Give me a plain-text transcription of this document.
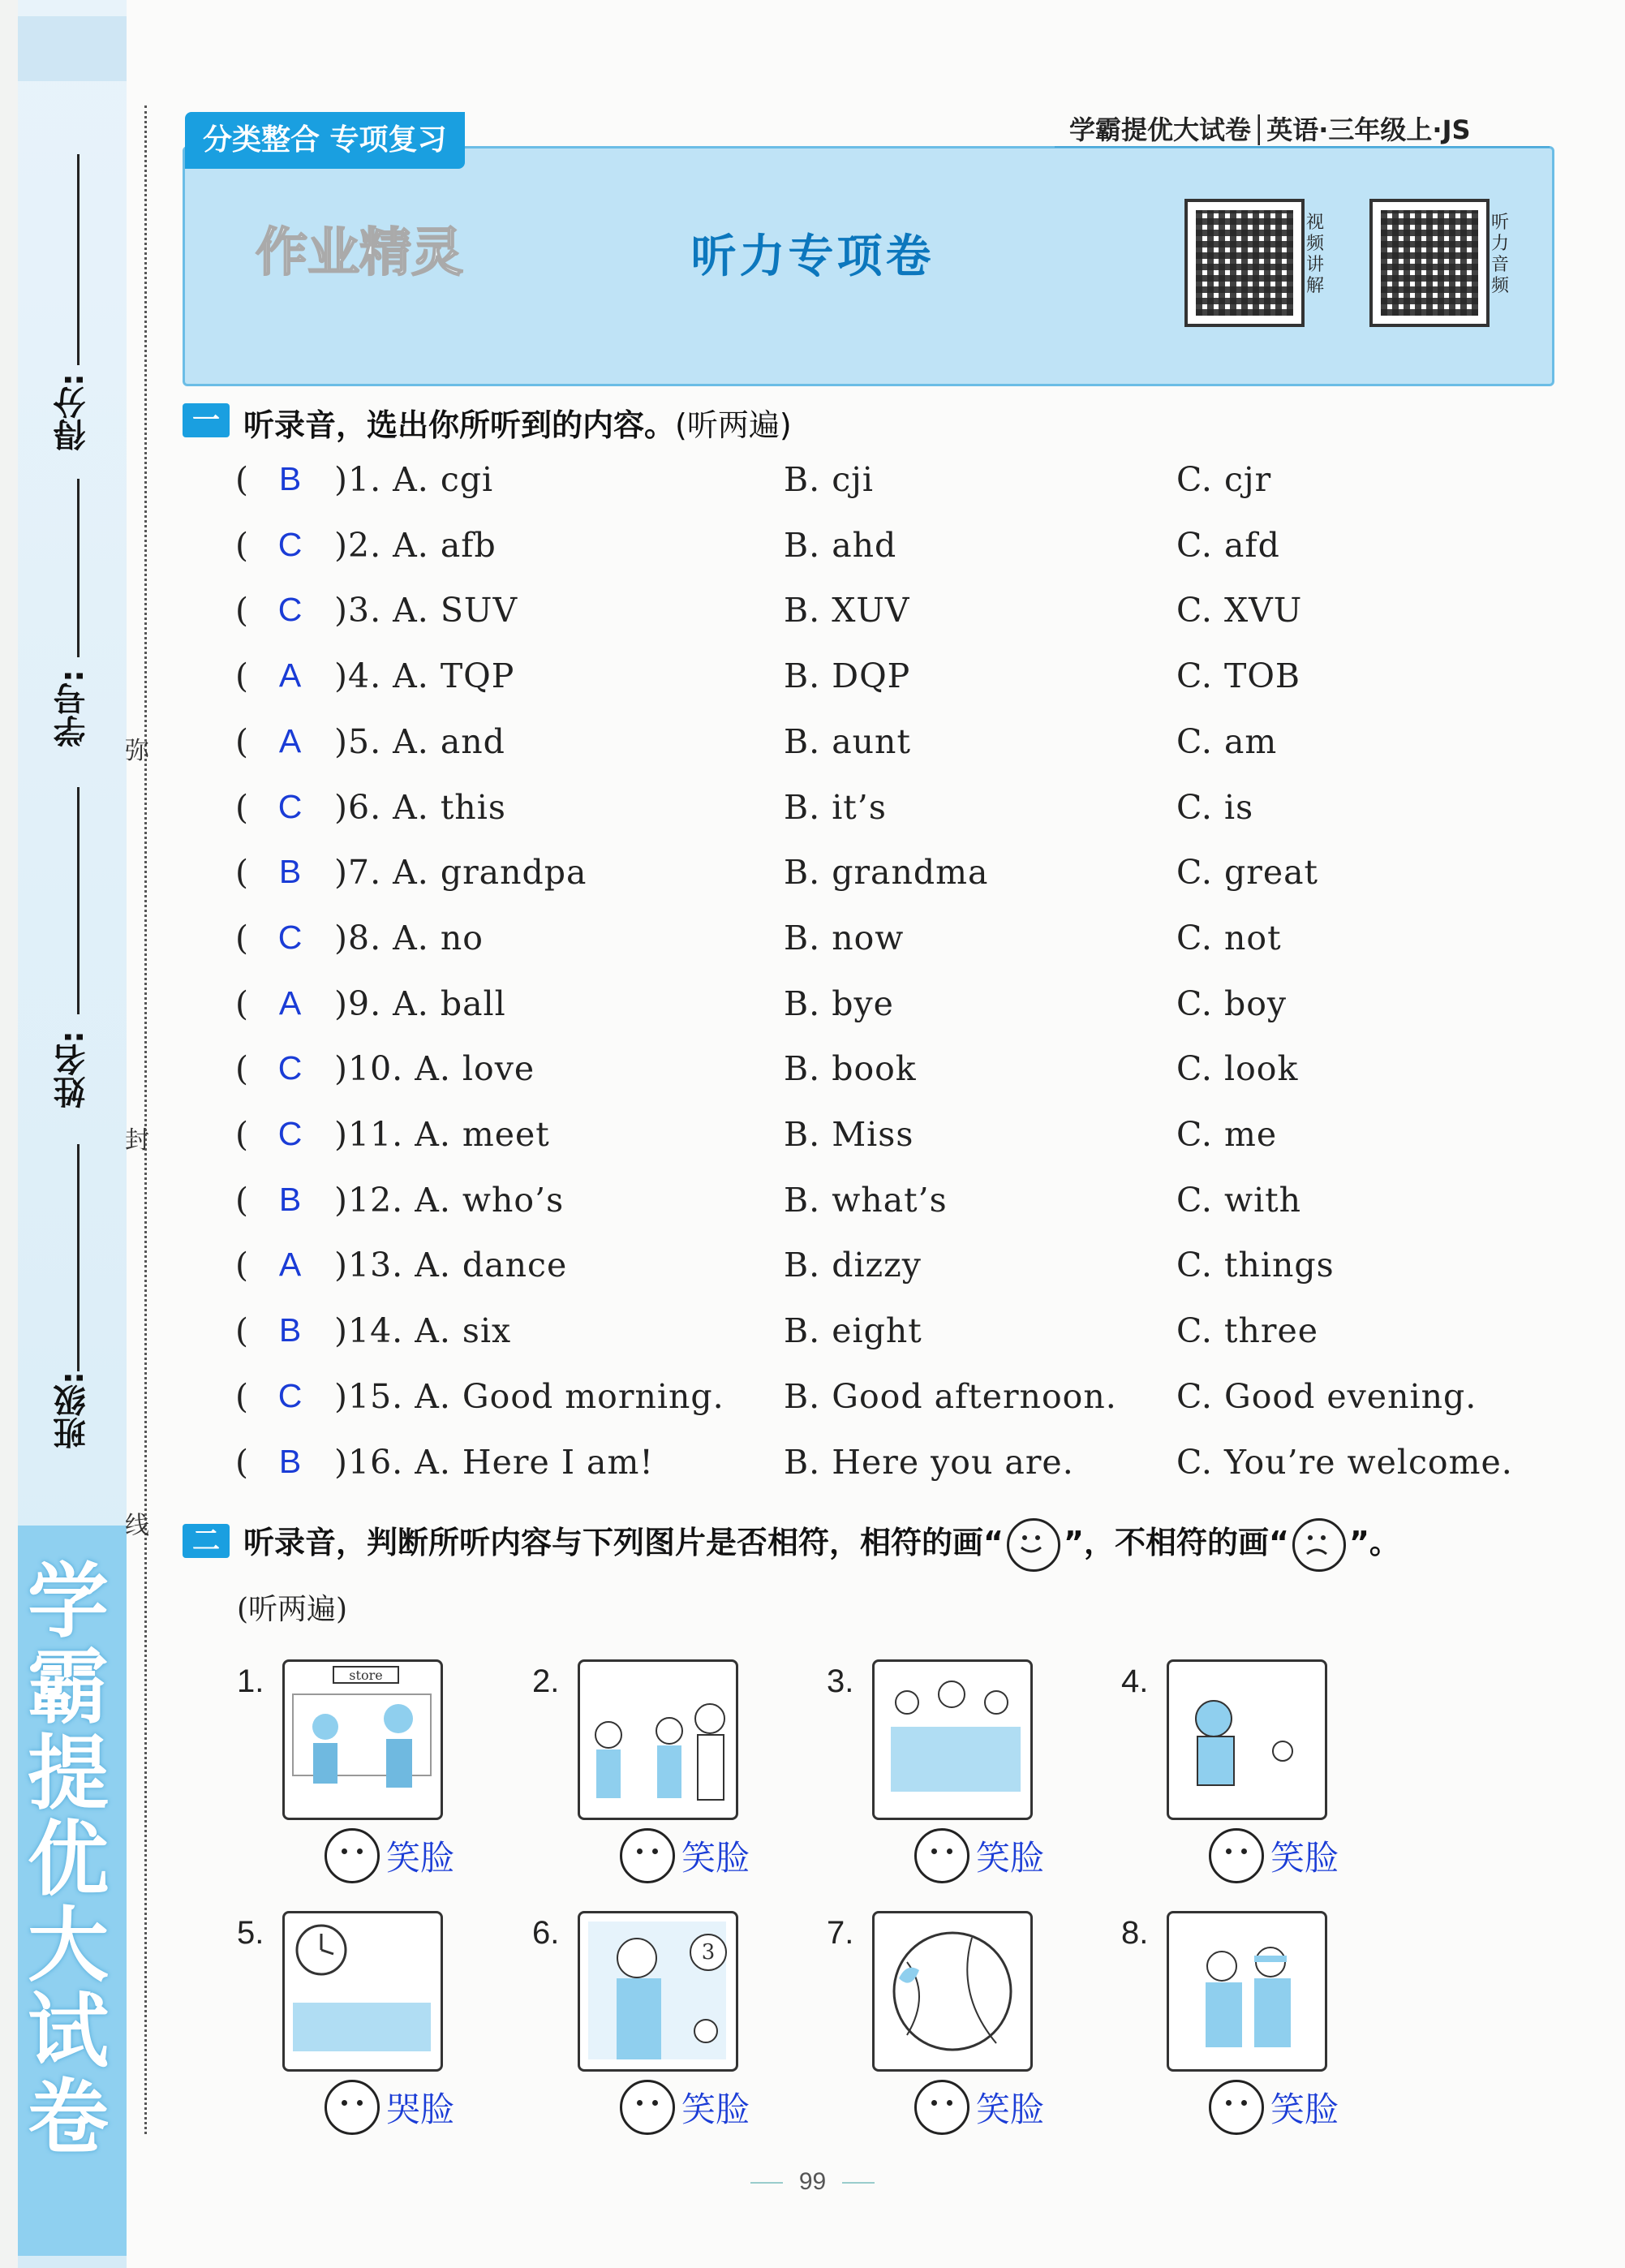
学霸提优大试卷
得分:
学号:
姓名:
班级:
弥
封
线
分类整合 专项复习	学霸提优大试卷│英语·三年级上·JS
作业精灵	听力专项卷
视频讲解
听力音频
一 听录音，选出你所听到的内容。(听两遍)
( B )1. A. cgi	B. cji	C. cjr
( C )2. A. afb	B. ahd	C. afd
( C )3. A. SUV	B. XUV	C. XVU
( A )4. A. TQP	B. DQP	C. TOB
( A )5. A. and	B. aunt	C. am
( C )6. A. this	B. it’s	C. is
( B )7. A. grandpa	B. grandma	C. great
( C )8. A. no	B. now	C. not
( A )9. A. ball	B. bye	C. boy
( C )10. A. love	B. book	C. look
( C )11. A. meet	B. Miss	C. me
( B )12. A. who’s	B. what’s	C. with
( A )13. A. dance	B. dizzy	C. things
( B )14. A. six	B. eight	C. three
( C )15. A. Good morning. B. Good afternoon. C. Good evening.
( B )16. A. Here I am!	B. Here you are.	C. You’re welcome.
二 听录音，判断所听内容与下列图片是否相符，相符的画“ ”，不相符的画“ ”。
(听两遍)
1.	store
笑脸
2.
笑脸
3.
笑脸
4.
笑脸
5.
哭脸
6.
3
笑脸
7.
笑脸
8.
笑脸
99
